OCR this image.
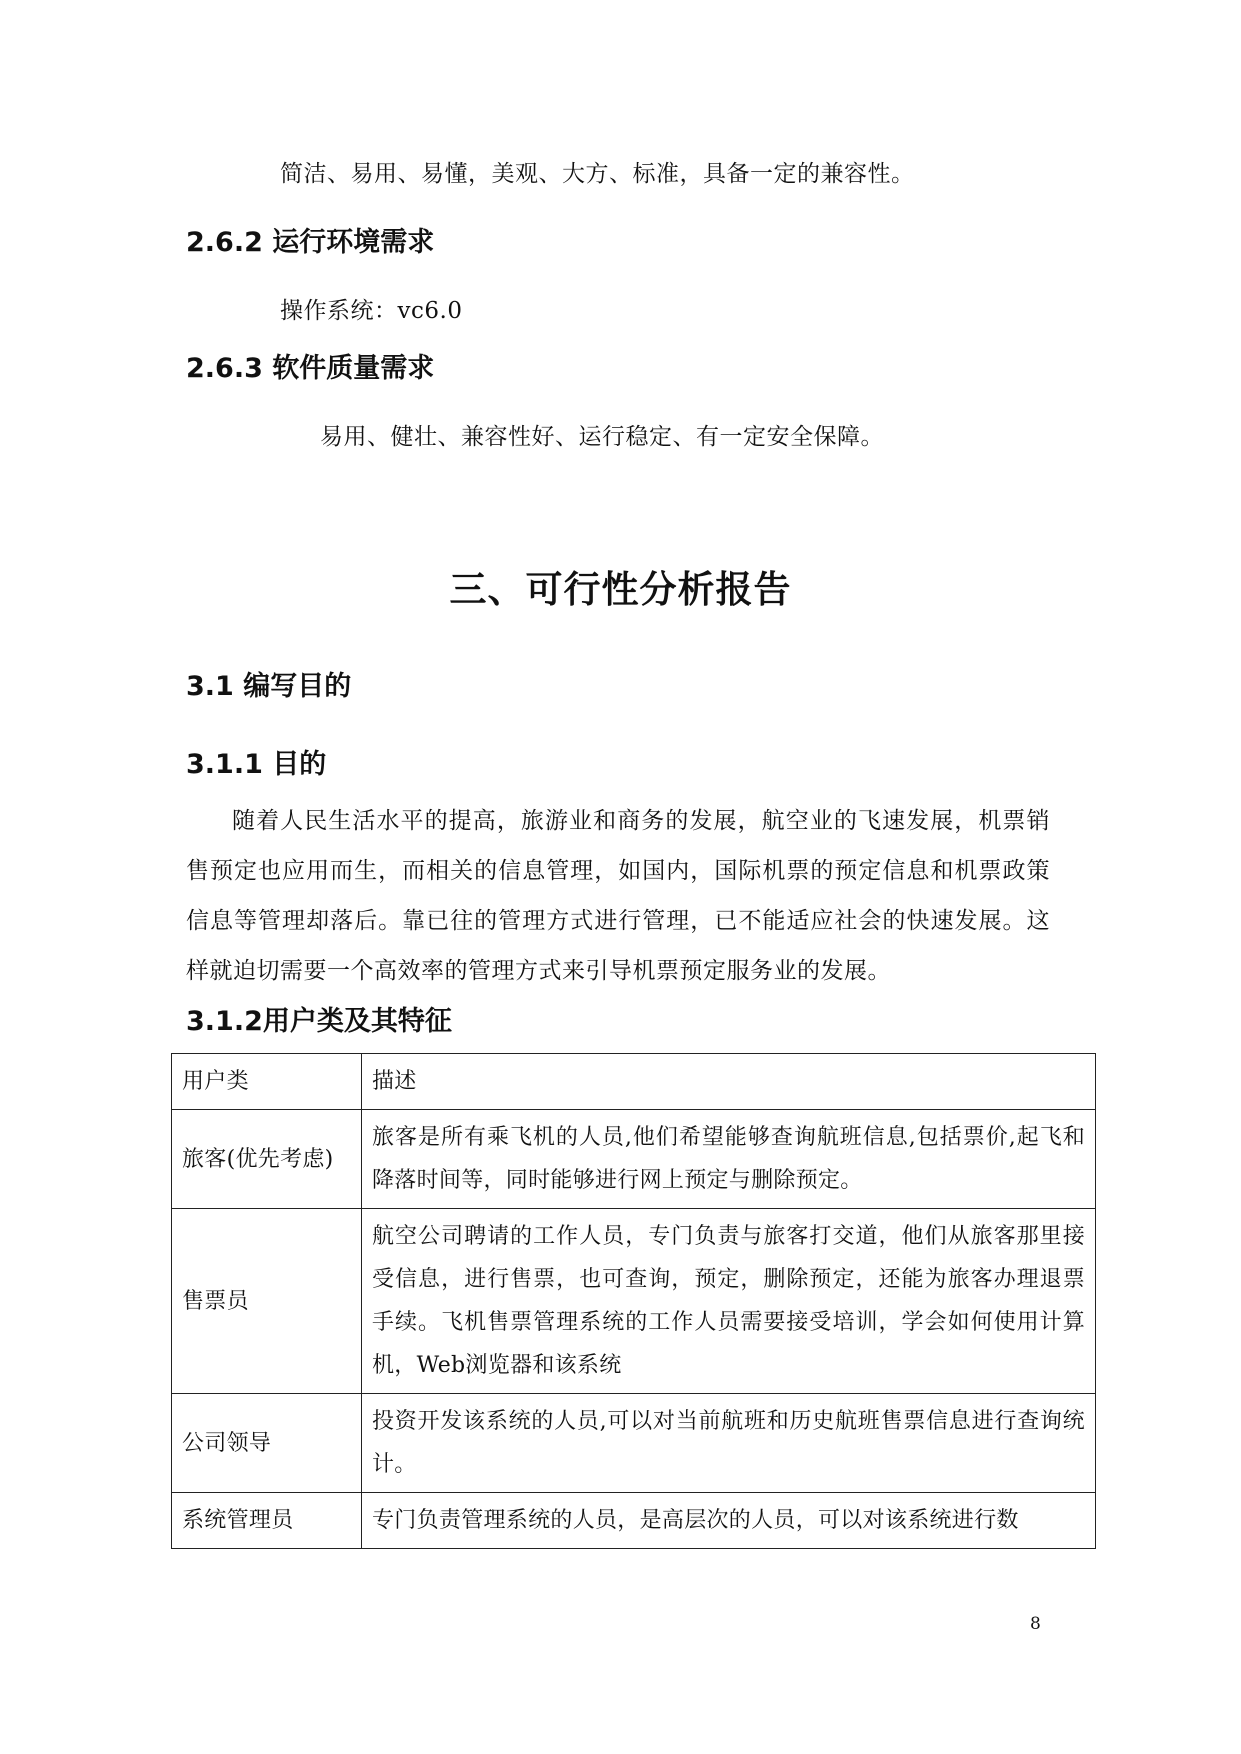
简洁、易用、易懂，美观、大方、标准，具备一定的兼容性。
2.6.2 运行环境需求
操作系统：vc6.0
2.6.3 软件质量需求
易用、健壮、兼容性好、运行稳定、有一定安全保障。
三、可行性分析报告
3.1 编写目的
3.1.1 目的

随着人民生活水平的提高，旅游业和商务的发展，航空业的飞速发展，机票销售预定也应用而生，而相关的信息管理，如国内，国际机票的预定信息和机票政策信息等管理却落后。靠已往的管理方式进行管理，已不能适应社会的快速发展。这样就迫切需要一个高效率的管理方式来引导机票预定服务业的发展。

3.1.2用户类及其特征
用户类	描述
旅客(优先考虑)	旅客是所有乘飞机的人员,他们希望能够查询航班信息,包括票价,起飞和降落时间等，同时能够进行网上预定与删除预定。
售票员	航空公司聘请的工作人员，专门负责与旅客打交道，他们从旅客那里接受信息，进行售票，也可查询，预定，删除预定，还能为旅客办理退票手续。飞机售票管理系统的工作人员需要接受培训，学会如何使用计算机，Web浏览器和该系统
公司领导	投资开发该系统的人员,可以对当前航班和历史航班售票信息进行查询统计。
系统管理员	专门负责管理系统的人员，是高层次的人员，可以对该系统进行数
8
